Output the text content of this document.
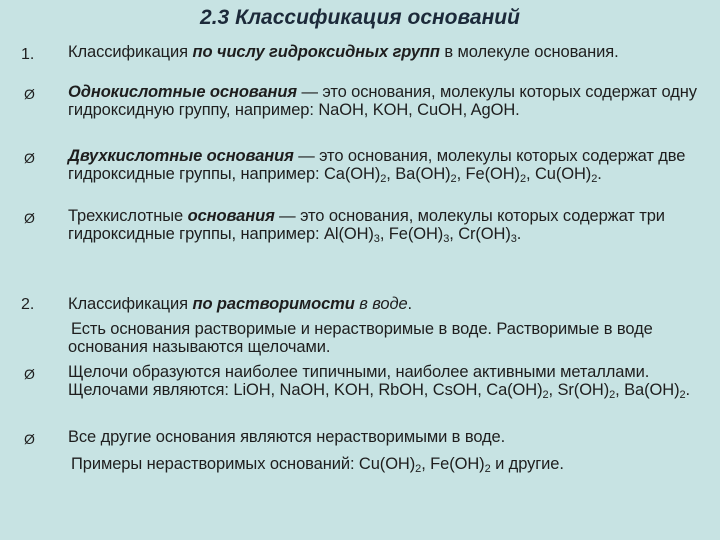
2.3 Классификация оснований
1. Классификация по числу гидроксидных групп в молекуле основания.
Ø Однокислотные основания — это основания, молекулы которых содержат одну гидроксидную группу, например: NaOH, KOH, CuOH, AgOH.
Ø Двухкислотные основания — это основания, молекулы которых содержат две гидроксидные группы, например: $Ca(OH)_2$, $Ba(OH)_2$, $Fe(OH)_2$, $Cu(OH)_2$.
Ø Трехкислотные основания — это основания, молекулы которых содержат три гидроксидные группы, например: $Al(OH)_3$, $Fe(OH)_3$, $Cr(OH)_3$.
2. Классификация по растворимости в воде.
Есть основания растворимые и нерастворимые в воде. Растворимые в воде основания называются щелочами.
Ø Щелочи образуются наиболее типичными, наиболее активными металлами. Щелочами являются: LiOH, NaOH, KOH, RbOH, CsOH, $Ca(OH)_2$, $Sr(OH)_2$, $Ba(OH)_2$.
Ø Все другие основания являются нерастворимыми в воде.
Примеры нерастворимых оснований: $Cu(OH)_2$, $Fe(OH)_2$ и другие.
